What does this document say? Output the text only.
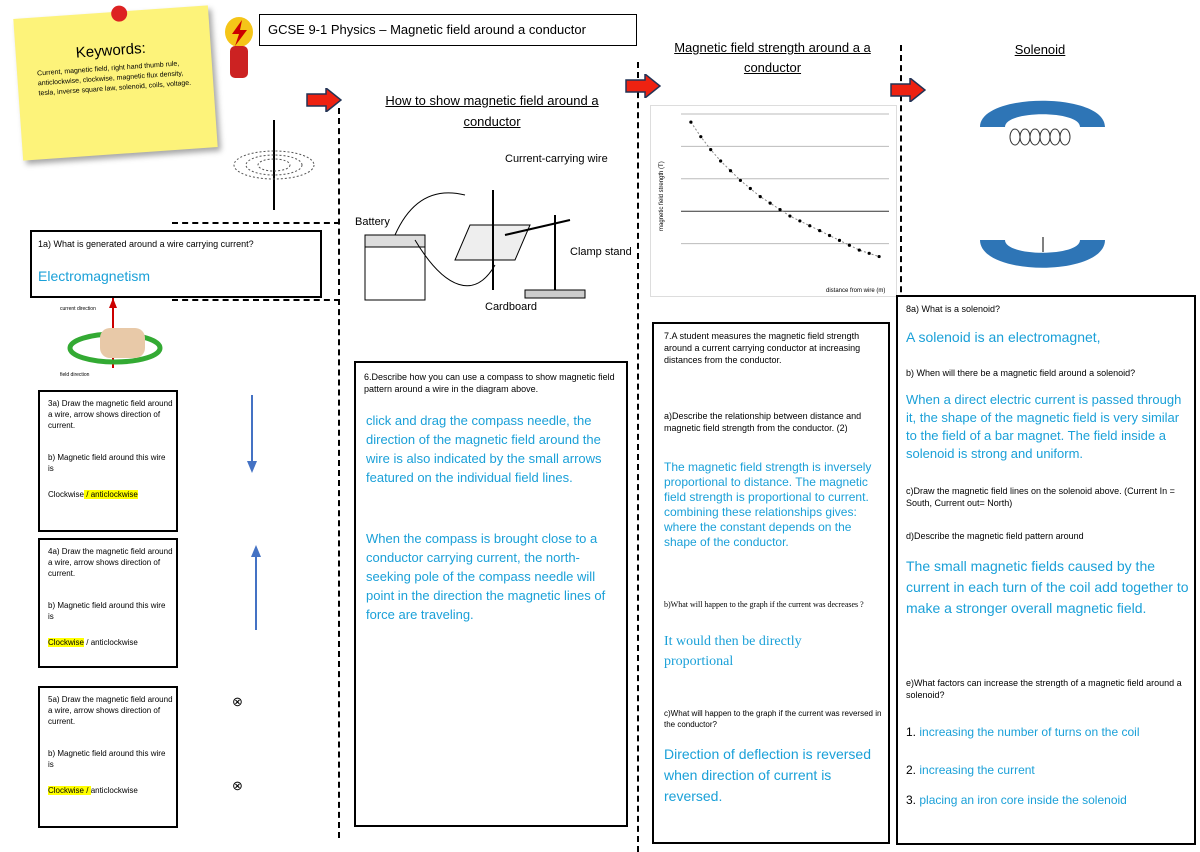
Keywords:
Current, magnetic field, right hand thumb rule, anticlockwise, clockwise, magnetic flux density, tesla, inverse square law, solenoid, coils, voltage.
GCSE 9-1 Physics – Magnetic field around a conductor
How to show magnetic field around a conductor
Battery
Current-carrying wire
Clamp stand
Cardboard
Magnetic field strength around a a conductor
magnetic field strength (T)
distance from wire (m)
Solenoid
current direction
field direction
1a) What is generated around a wire carrying current?
Electromagnetism
3a) Draw the magnetic field around a wire, arrow shows direction of current.
b) Magnetic field around this wire is
Clockwise / anticlockwise
4a) Draw the magnetic field around a wire, arrow shows direction of current.
b) Magnetic field around this wire is
Clockwise / anticlockwise
5a) Draw the magnetic field around a wire, arrow shows direction of current.
b) Magnetic field around this wire is
Clockwise / anticlockwise
⊗
⊗
6.Describe how you can use a compass to show magnetic field pattern around a wire in the diagram above.
click and drag the compass needle, the direction of the magnetic field around the wire is also indicated by the small arrows featured on the individual field lines.
When the compass is brought close to a conductor carrying current, the north-seeking pole of the compass needle will point in the direction the magnetic lines of force are traveling.
7.A student measures the magnetic field strength around a current carrying conductor at increasing distances from the conductor.
a)Describe the relationship between distance and magnetic field strength from the conductor. (2)
The magnetic field strength is inversely proportional to distance. The magnetic field strength is proportional to current. combining these relationships gives: where the constant depends on the shape of the conductor.
b)What will happen to the graph if the current was decreases ?
It would then be directly proportional
c)What will happen to the graph if the current was reversed in the conductor?
Direction of deflection is reversed when direction of current is reversed.
8a) What is a solenoid?
A solenoid is an electromagnet,
b) When will there be a magnetic field around a solenoid?
When a direct electric current is passed through it, the shape of the magnetic field is very similar to the field of a bar magnet. The field inside a solenoid is strong and uniform.
c)Draw the magnetic field lines on the solenoid above. (Current In = South, Current out= North)
d)Describe the magnetic field pattern around
The small magnetic fields caused by the current in each turn of the coil add together to make a stronger overall magnetic field.
e)What factors can increase the strength of a magnetic field around a solenoid?
1. increasing the number of turns on the coil
2. increasing the current
3. placing an iron core inside the solenoid
